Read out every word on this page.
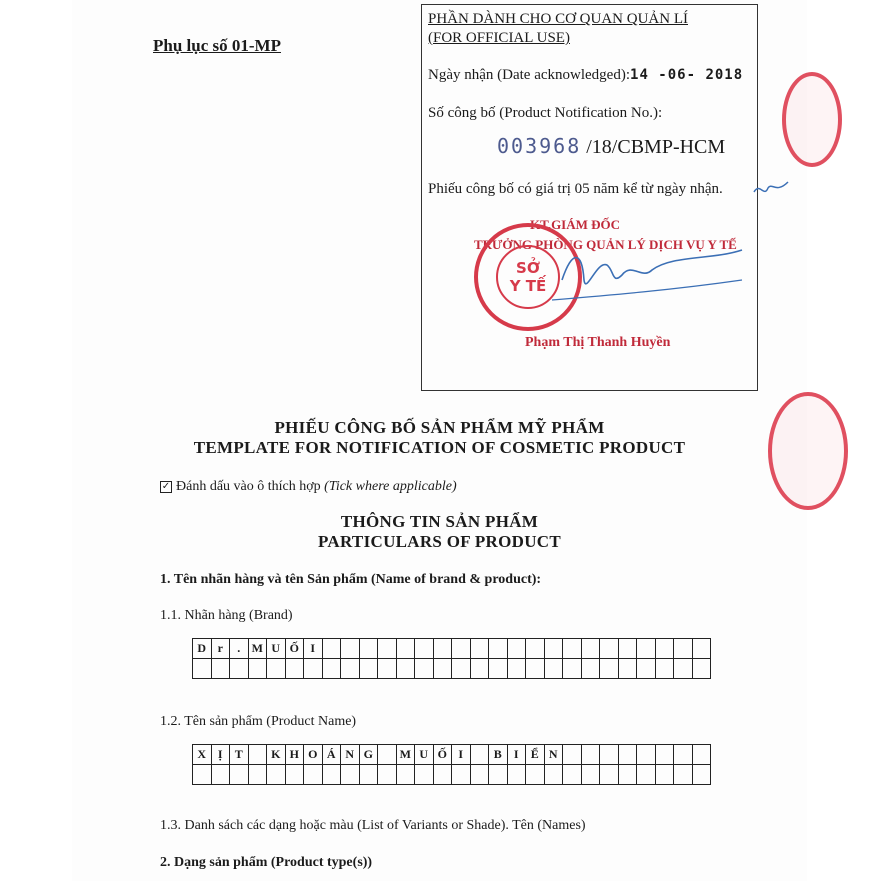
Phụ lục số 01-MP
PHẦN DÀNH CHO CƠ QUAN QUẢN LÍ
(FOR OFFICIAL USE)
Ngày nhận (Date acknowledged):14 -06- 2018
Số công bố (Product Notification No.):
003968 /18/CBMP-HCM
Phiếu công bố có giá trị 05 năm kể từ ngày nhận.
KT.GIÁM ĐỐC
TRƯỞNG PHÒNG QUẢN LÝ DỊCH VỤ Y TẾ
SỞ
Y TẾ
Phạm Thị Thanh Huyền
PHIẾU CÔNG BỐ SẢN PHẨM MỸ PHẨM
TEMPLATE FOR NOTIFICATION OF COSMETIC PRODUCT
✓ Đánh dấu vào ô thích hợp (Tick where applicable)
THÔNG TIN SẢN PHẨM
PARTICULARS OF PRODUCT
1. Tên nhãn hàng và tên Sản phẩm (Name of brand & product):
1.1. Nhãn hàng (Brand)
D	r	.	M	U	Ố	I																					

1.2. Tên sản phẩm (Product Name)
X	Ị	T		K	H	O	Á	N	G		M	U	Ố	I		B	I	Ể	N								

1.3. Danh sách các dạng hoặc màu (List of Variants or Shade). Tên (Names)
2. Dạng sản phẩm (Product type(s))
